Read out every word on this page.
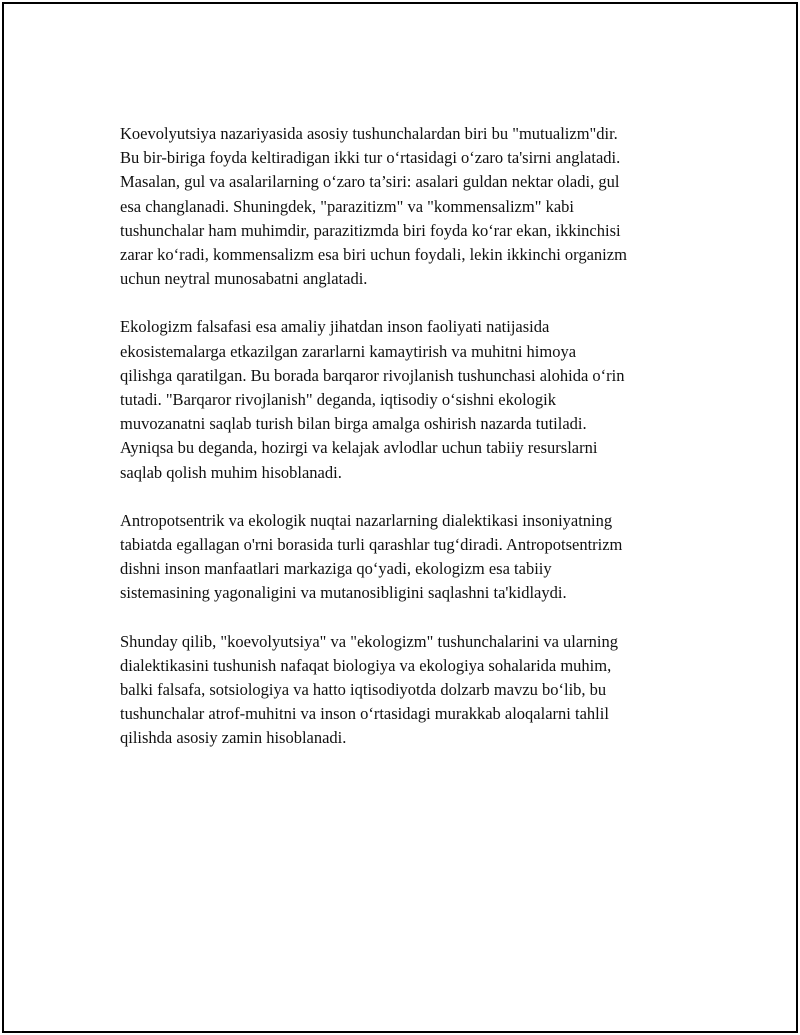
Koevolyutsiya nazariyasida asosiy tushunchalardan biri bu "mutualizm"dir.
Bu bir-biriga foyda keltiradigan ikki tur o‘rtasidagi o‘zaro ta'sirni anglatadi.
Masalan, gul va asalarilarning o‘zaro ta’siri: asalari guldan nektar oladi, gul
esa changlanadi. Shuningdek, "parazitizm" va "kommensalizm" kabi
tushunchalar ham muhimdir, parazitizmda biri foyda ko‘rar ekan, ikkinchisi
zarar ko‘radi, kommensalizm esa biri uchun foydali, lekin ikkinchi organizm
uchun neytral munosabatni anglatadi.

Ekologizm falsafasi esa amaliy jihatdan inson faoliyati natijasida
ekosistemalarga etkazilgan zararlarni kamaytirish va muhitni himoya
qilishga qaratilgan. Bu borada barqaror rivojlanish tushunchasi alohida o‘rin
tutadi. "Barqaror rivojlanish" deganda, iqtisodiy o‘sishni ekologik
muvozanatni saqlab turish bilan birga amalga oshirish nazarda tutiladi.
Ayniqsa bu deganda, hozirgi va kelajak avlodlar uchun tabiiy resurslarni
saqlab qolish muhim hisoblanadi.

Antropotsentrik va ekologik nuqtai nazarlarning dialektikasi insoniyatning
tabiatda egallagan o'rni borasida turli qarashlar tug‘diradi. Antropotsentrizm
dishni inson manfaatlari markaziga qo‘yadi, ekologizm esa tabiiy
sistemasining yagonaligini va mutanosibligini saqlashni ta'kidlaydi.

Shunday qilib, "koevolyutsiya" va "ekologizm" tushunchalarini va ularning
dialektikasini tushunish nafaqat biologiya va ekologiya sohalarida muhim,
balki falsafa, sotsiologiya va hatto iqtisodiyotda dolzarb mavzu bo‘lib, bu
tushunchalar atrof-muhitni va inson o‘rtasidagi murakkab aloqalarni tahlil
qilishda asosiy zamin hisoblanadi.
